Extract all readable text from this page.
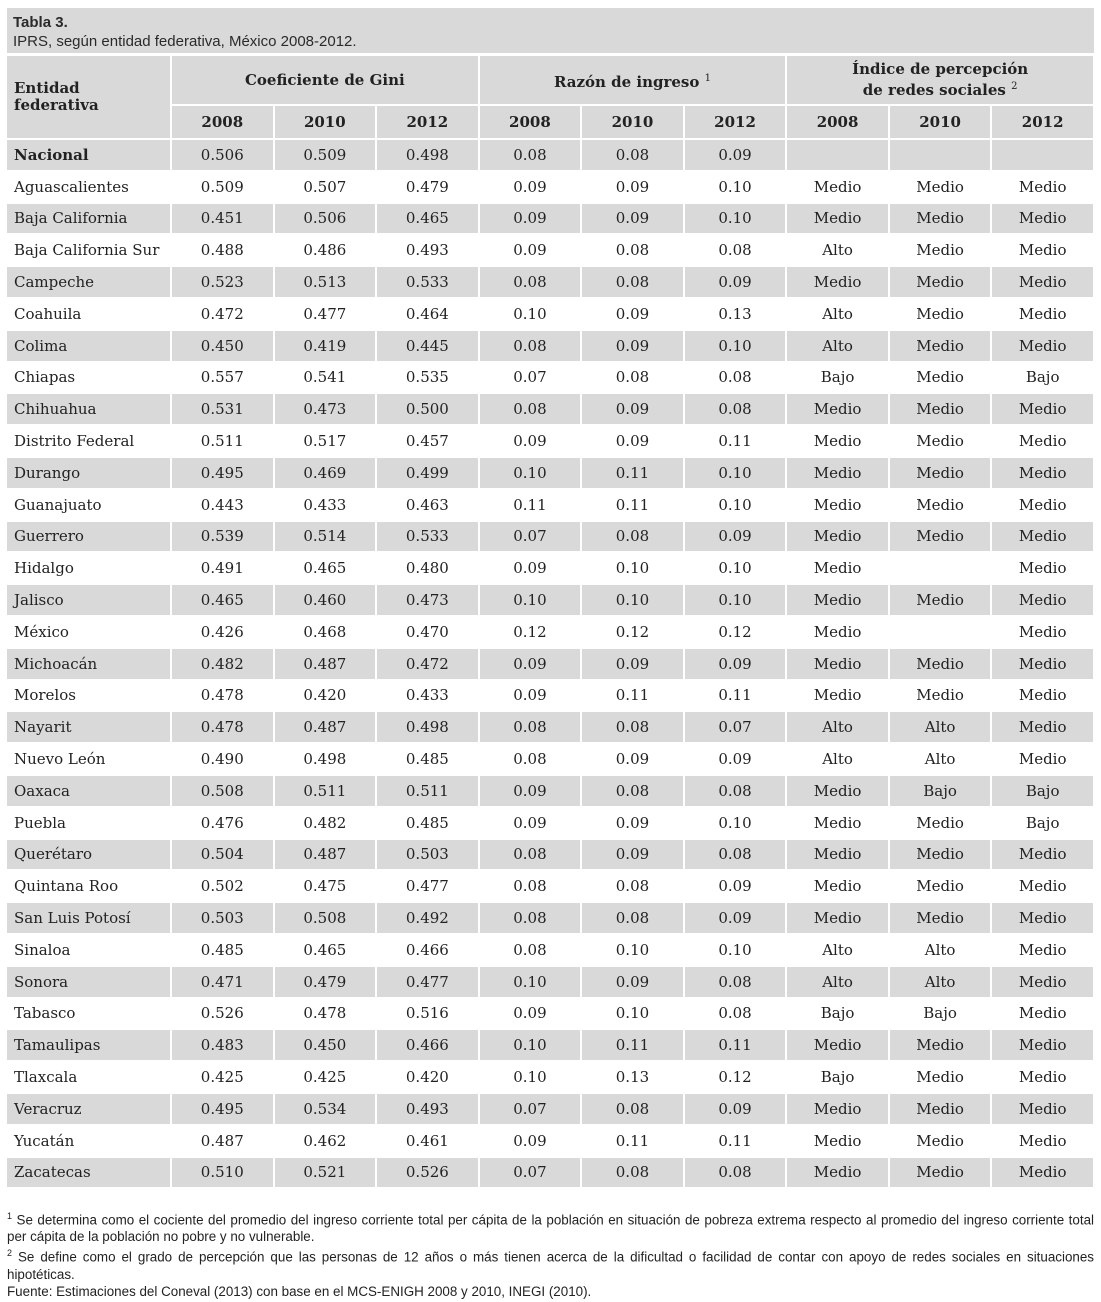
Tabla 3.
IPRS, según entidad federativa, México 2008-2012.
Entidad
federativa	Coeficiente de Gini			Razón de ingreso $^1$			Índice de percepción
de redes sociales $^2$
	2008	2010	2012	2008	2010	2012	2008	2010	2012
Nacional	0.506	0.509	0.498	0.08	0.08	0.09			
Aguascalientes	0.509	0.507	0.479	0.09	0.09	0.10	Medio	Medio	Medio
Baja California	0.451	0.506	0.465	0.09	0.09	0.10	Medio	Medio	Medio
Baja California Sur	0.488	0.486	0.493	0.09	0.08	0.08	Alto	Medio	Medio
Campeche	0.523	0.513	0.533	0.08	0.08	0.09	Medio	Medio	Medio
Coahuila	0.472	0.477	0.464	0.10	0.09	0.13	Alto	Medio	Medio
Colima	0.450	0.419	0.445	0.08	0.09	0.10	Alto	Medio	Medio
Chiapas	0.557	0.541	0.535	0.07	0.08	0.08	Bajo	Medio	Bajo
Chihuahua	0.531	0.473	0.500	0.08	0.09	0.08	Medio	Medio	Medio
Distrito Federal	0.511	0.517	0.457	0.09	0.09	0.11	Medio	Medio	Medio
Durango	0.495	0.469	0.499	0.10	0.11	0.10	Medio	Medio	Medio
Guanajuato	0.443	0.433	0.463	0.11	0.11	0.10	Medio	Medio	Medio
Guerrero	0.539	0.514	0.533	0.07	0.08	0.09	Medio	Medio	Medio
Hidalgo	0.491	0.465	0.480	0.09	0.10	0.10	Medio		Medio
Jalisco	0.465	0.460	0.473	0.10	0.10	0.10	Medio	Medio	Medio
México	0.426	0.468	0.470	0.12	0.12	0.12	Medio		Medio
Michoacán	0.482	0.487	0.472	0.09	0.09	0.09	Medio	Medio	Medio
Morelos	0.478	0.420	0.433	0.09	0.11	0.11	Medio	Medio	Medio
Nayarit	0.478	0.487	0.498	0.08	0.08	0.07	Alto	Alto	Medio
Nuevo León	0.490	0.498	0.485	0.08	0.09	0.09	Alto	Alto	Medio
Oaxaca	0.508	0.511	0.511	0.09	0.08	0.08	Medio	Bajo	Bajo
Puebla	0.476	0.482	0.485	0.09	0.09	0.10	Medio	Medio	Bajo
Querétaro	0.504	0.487	0.503	0.08	0.09	0.08	Medio	Medio	Medio
Quintana Roo	0.502	0.475	0.477	0.08	0.08	0.09	Medio	Medio	Medio
San Luis Potosí	0.503	0.508	0.492	0.08	0.08	0.09	Medio	Medio	Medio
Sinaloa	0.485	0.465	0.466	0.08	0.10	0.10	Alto	Alto	Medio
Sonora	0.471	0.479	0.477	0.10	0.09	0.08	Alto	Alto	Medio
Tabasco	0.526	0.478	0.516	0.09	0.10	0.08	Bajo	Bajo	Medio
Tamaulipas	0.483	0.450	0.466	0.10	0.11	0.11	Medio	Medio	Medio
Tlaxcala	0.425	0.425	0.420	0.10	0.13	0.12	Bajo	Medio	Medio
Veracruz	0.495	0.534	0.493	0.07	0.08	0.09	Medio	Medio	Medio
Yucatán	0.487	0.462	0.461	0.09	0.11	0.11	Medio	Medio	Medio
Zacatecas	0.510	0.521	0.526	0.07	0.08	0.08	Medio	Medio	Medio

$^1$ Se determina como el cociente del promedio del ingreso corriente total per cápita de la población en situación de pobreza extrema respecto al promedio del ingreso corriente total per cápita de la población no pobre y no vulnerable.

$^2$ Se define como el grado de percepción que las personas de 12 años o más tienen acerca de la dificultad o facilidad de contar con apoyo de redes sociales en situaciones hipotéticas.

Fuente: Estimaciones del Coneval (2013) con base en el MCS-ENIGH 2008 y 2010, INEGI (2010).
